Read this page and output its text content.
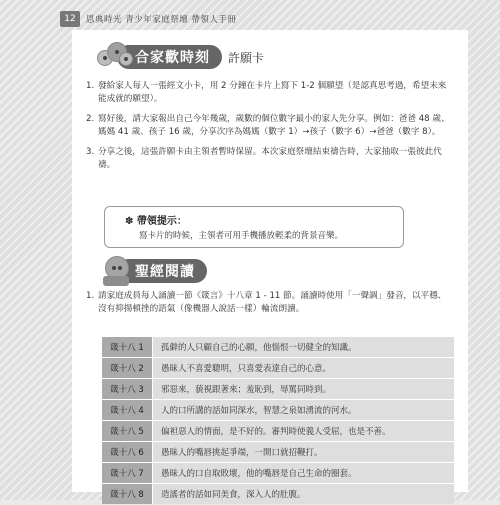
12	恩典時光 青少年家庭祭壇 帶領人手冊
合家歡時刻	許願卡
1. 發給家人每人一張經文小卡，用 2 分鐘在卡片上寫下 1-2 個願望（是認真思考過，希望未來能成就的願望）。
2. 寫好後，請大家報出自己今年幾歲，歲數的個位數字最小的家人先分享。例如：爸爸 48 歲、媽媽 41 歲、孩子 16 歲，分享次序為媽媽（數字 1）→孩子（數字 6）→爸爸（數字 8）。
3. 分享之後，這張許願卡由主領者暫時保留。本次家庭祭壇結束禱告時，大家抽取一張彼此代禱。
✽ 帶領提示：
寫卡片的時候，主領者可用手機播放輕柔的背景音樂。
聖經閱讀
1. 請家庭成員每人誦讀一節《箴言》十八章 1 - 11 節。誦讀時使用「一聲調」發音，以平穩、沒有抑揚頓挫的語氣（像機器人說話一樣）輪流朗讀。
箴十八 1	孤僻的人只顧自己的心願，他惱恨一切健全的知識。
箴十八 2	愚昧人不喜愛聰明，只喜愛表達自己的心意。
箴十八 3	邪惡來，藐視跟著來；羞恥到，辱罵同時到。
箴十八 4	人的口所講的話如同深水，智慧之泉如湧流的河水。
箴十八 5	偏袒惡人的情面，是不好的。審判時使義人受屈，也是不善。
箴十八 6	愚昧人的嘴唇挑起爭端，一開口就招鞭打。
箴十八 7	愚昧人的口自取敗壞，他的嘴唇是自己生命的圈套。
箴十八 8	造謠者的話如同美食，深入人的肚腹。
